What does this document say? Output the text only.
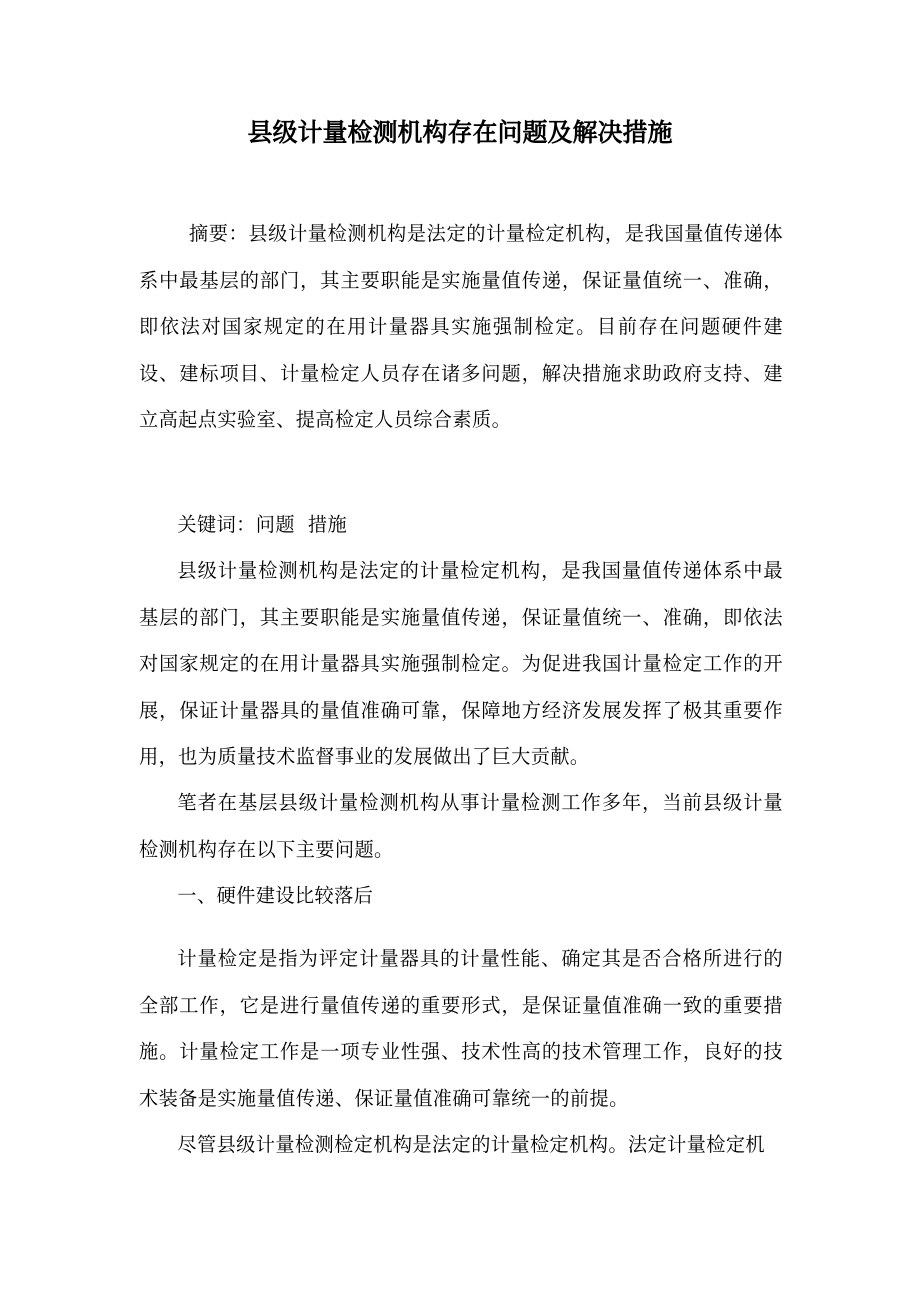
县级计量检测机构存在问题及解决措施

摘要：县级计量检测机构是法定的计量检定机构，是我国量值传递体系中最基层的部门，其主要职能是实施量值传递，保证量值统一、准确，即依法对国家规定的在用计量器具实施强制检定。目前存在问题硬件建设、建标项目、计量检定人员存在诸多问题，解决措施求助政府支持、建立高起点实验室、提高检定人员综合素质。

关键词：问题  措施

县级计量检测机构是法定的计量检定机构，是我国量值传递体系中最基层的部门，其主要职能是实施量值传递，保证量值统一、准确，即依法对国家规定的在用计量器具实施强制检定。为促进我国计量检定工作的开展，保证计量器具的量值准确可靠，保障地方经济发展发挥了极其重要作用，也为质量技术监督事业的发展做出了巨大贡献。

笔者在基层县级计量检测机构从事计量检测工作多年，当前县级计量检测机构存在以下主要问题。

一、硬件建设比较落后

计量检定是指为评定计量器具的计量性能、确定其是否合格所进行的全部工作，它是进行量值传递的重要形式，是保证量值准确一致的重要措施。计量检定工作是一项专业性强、技术性高的技术管理工作，良好的技术装备是实施量值传递、保证量值准确可靠统一的前提。

尽管县级计量检测检定机构是法定的计量检定机构。法定计量检定机
